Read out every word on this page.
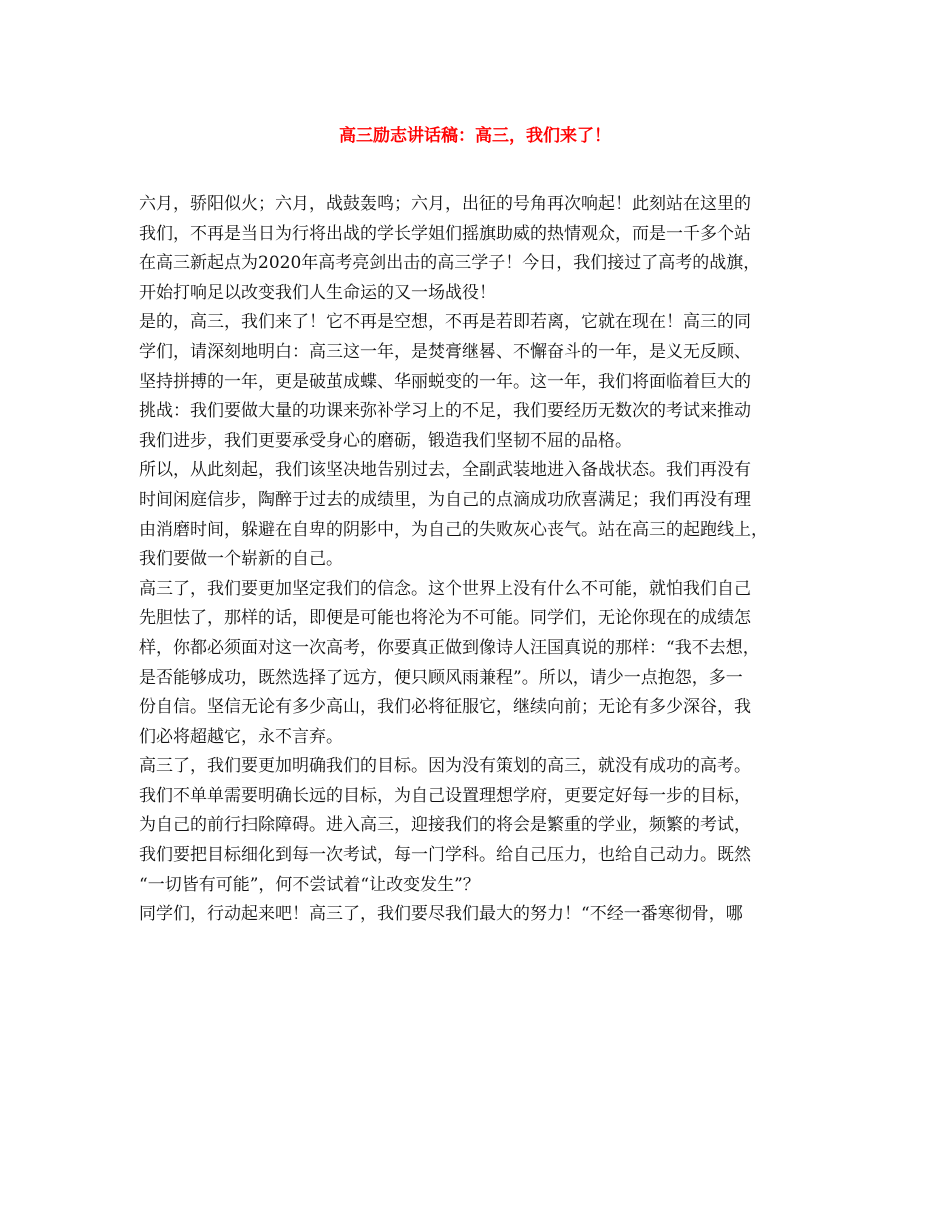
高三励志讲话稿：高三，我们来了！
六月，骄阳似火；六月，战鼓轰鸣；六月，出征的号角再次响起！此刻站在这里的
我们，不再是当日为行将出战的学长学姐们摇旗助威的热情观众，而是一千多个站
在高三新起点为2020年高考亮剑出击的高三学子！今日，我们接过了高考的战旗，
开始打响足以改变我们人生命运的又一场战役！
是的，高三，我们来了！它不再是空想，不再是若即若离，它就在现在！高三的同
学们，请深刻地明白：高三这一年，是焚膏继晷、不懈奋斗的一年，是义无反顾、
坚持拼搏的一年，更是破茧成蝶、华丽蜕变的一年。这一年，我们将面临着巨大的
挑战：我们要做大量的功课来弥补学习上的不足，我们要经历无数次的考试来推动
我们进步，我们更要承受身心的磨砺，锻造我们坚韧不屈的品格。
所以，从此刻起，我们该坚决地告别过去，全副武装地进入备战状态。我们再没有
时间闲庭信步，陶醉于过去的成绩里，为自己的点滴成功欣喜满足；我们再没有理
由消磨时间，躲避在自卑的阴影中，为自己的失败灰心丧气。站在高三的起跑线上，
我们要做一个崭新的自己。
高三了，我们要更加坚定我们的信念。这个世界上没有什么不可能，就怕我们自己
先胆怯了，那样的话，即便是可能也将沦为不可能。同学们，无论你现在的成绩怎
样，你都必须面对这一次高考，你要真正做到像诗人汪国真说的那样：“我不去想，
是否能够成功，既然选择了远方，便只顾风雨兼程”。所以，请少一点抱怨，多一
份自信。坚信无论有多少高山，我们必将征服它，继续向前；无论有多少深谷，我
们必将超越它，永不言弃。
高三了，我们要更加明确我们的目标。因为没有策划的高三，就没有成功的高考。
我们不单单需要明确长远的目标，为自己设置理想学府，更要定好每一步的目标，
为自己的前行扫除障碍。进入高三，迎接我们的将会是繁重的学业，频繁的考试，
我们要把目标细化到每一次考试，每一门学科。给自己压力，也给自己动力。既然
“一切皆有可能”，何不尝试着“让改变发生”？
同学们，行动起来吧！高三了，我们要尽我们最大的努力！“不经一番寒彻骨，哪
